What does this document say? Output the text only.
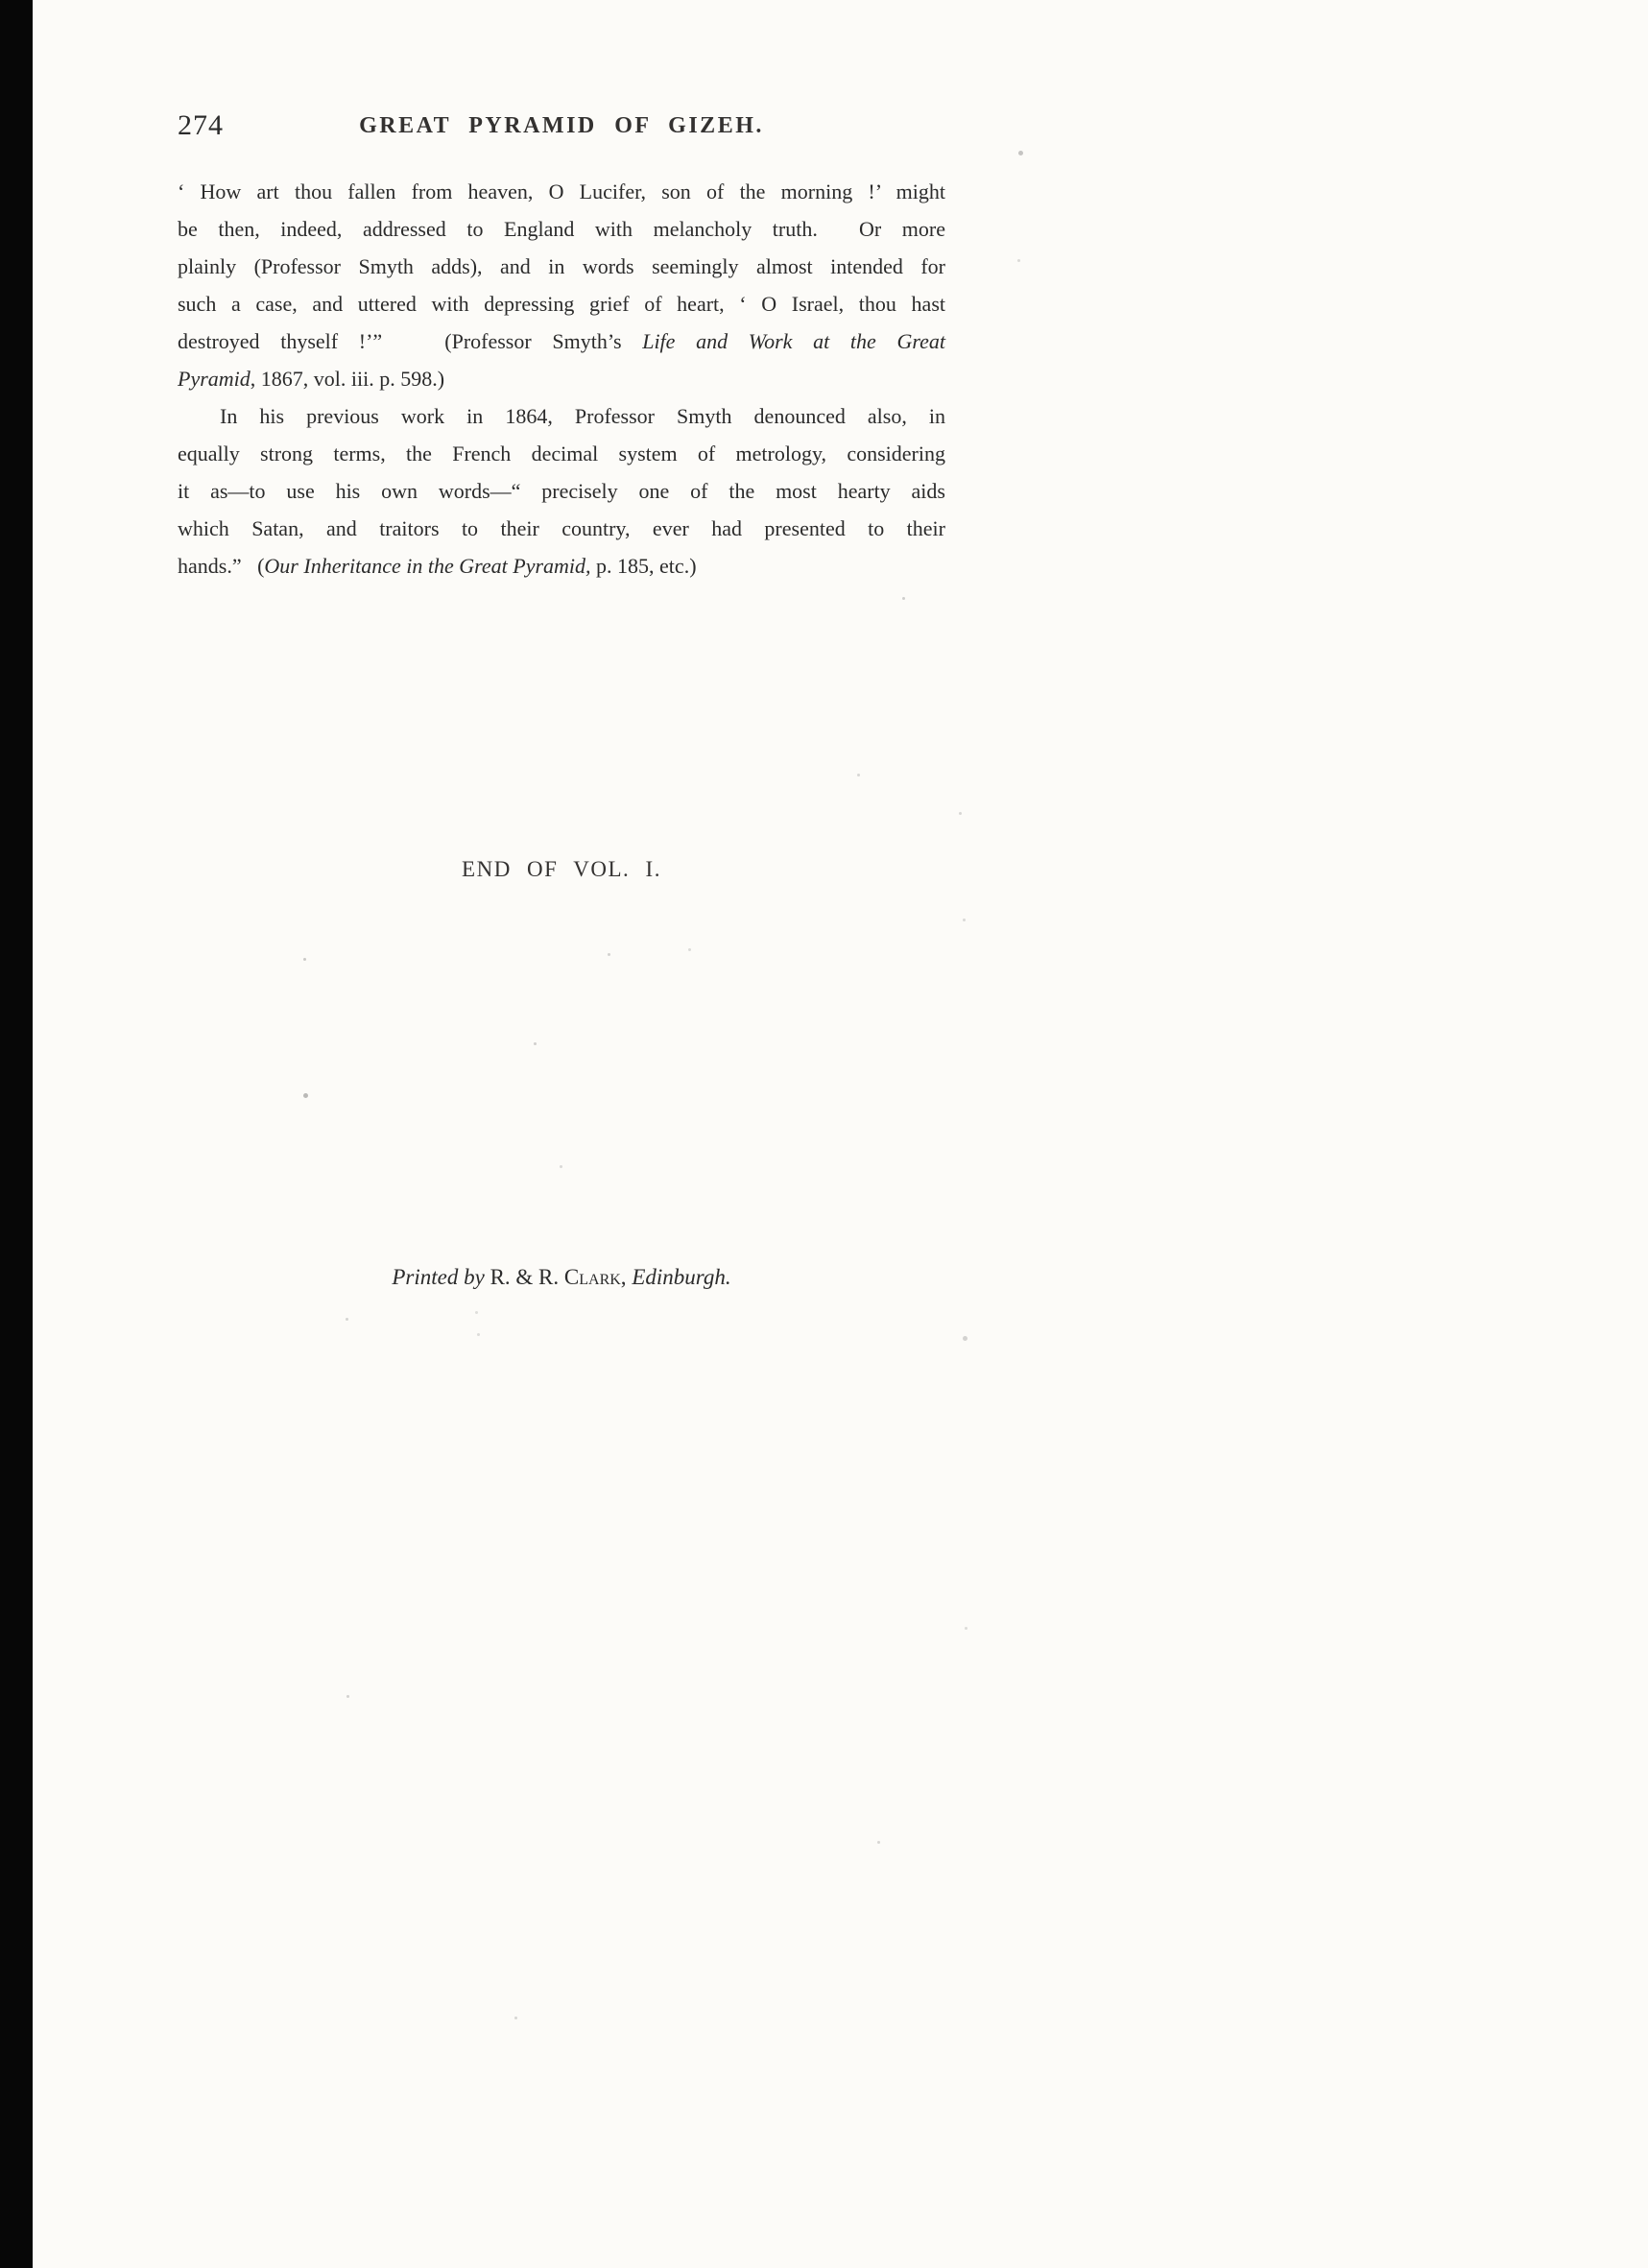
274	GREAT PYRAMID OF GIZEH.
‘ How art thou fallen from heaven, O Lucifer, son of the morning !’ might
be then, indeed, addressed to England with melancholy truth.  Or more
plainly (Professor Smyth adds), and in words seemingly almost intended for
such a case, and uttered with depressing grief of heart, ‘ O Israel, thou hast
destroyed thyself !’”   (Professor Smyth’s Life and Work at the Great
Pyramid, 1867, vol. iii. p. 598.)
In his previous work in 1864, Professor Smyth denounced also, in
equally strong terms, the French decimal system of metrology, considering
it as—to use his own words—“ precisely one of the most hearty aids
which Satan, and traitors to their country, ever had presented to their
hands.”   (Our Inheritance in the Great Pyramid, p. 185, etc.)
END OF VOL. I.
Printed by R. & R. Clark, Edinburgh.
